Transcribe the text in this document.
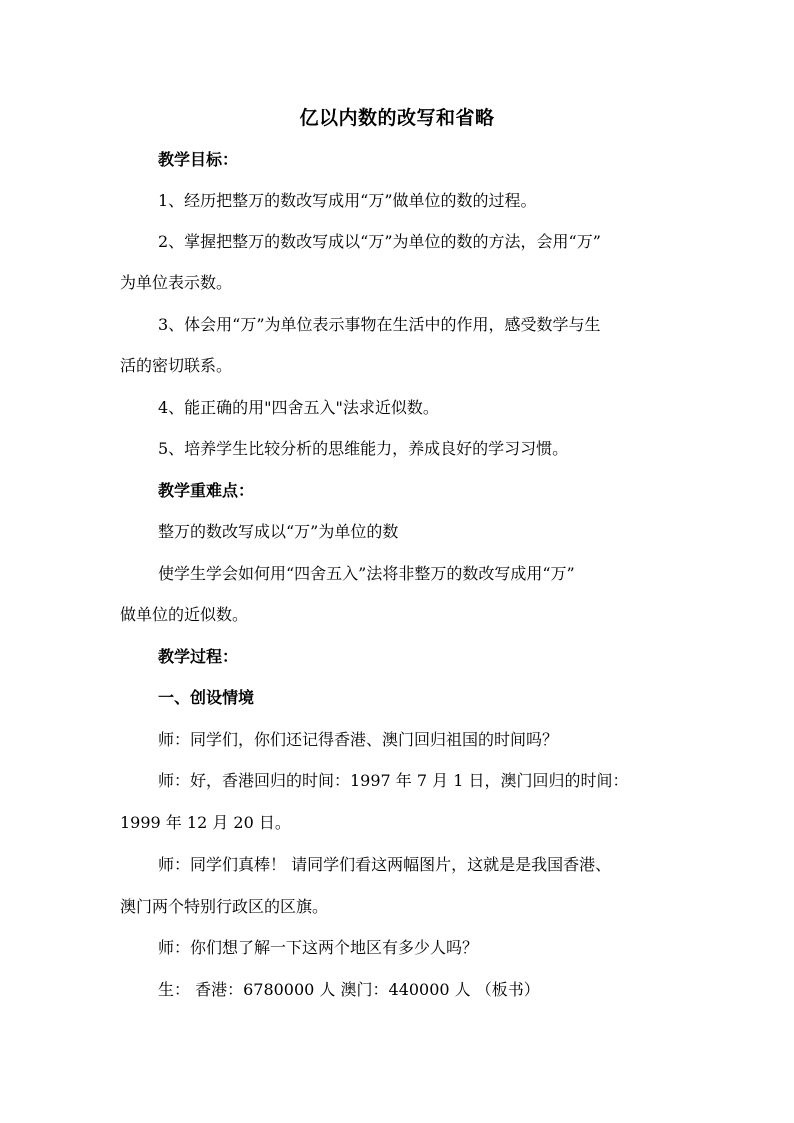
亿以内数的改写和省略
教学目标：
1、经历把整万的数改写成用“万”做单位的数的过程。
2、掌握把整万的数改写成以“万”为单位的数的方法，会用“万”
为单位表示数。
3、体会用“万”为单位表示事物在生活中的作用，感受数学与生
活的密切联系。
4、能正确的用"四舍五入"法求近似数。
5、培养学生比较分析的思维能力，养成良好的学习习惯。
教学重难点：
整万的数改写成以“万”为单位的数
使学生学会如何用“四舍五入”法将非整万的数改写成用“万”
做单位的近似数。
教学过程：
一、创设情境
师：同学们，你们还记得香港、澳门回归祖国的时间吗？
师：好，香港回归的时间：1997 年 7 月 1 日，澳门回归的时间：
1999 年 12 月 20 日。
师：同学们真棒！ 请同学们看这两幅图片，这就是是我国香港、
澳门两个特别行政区的区旗。
师：你们想了解一下这两个地区有多少人吗？
生： 香港：6780000 人 澳门：440000 人 （板书）
